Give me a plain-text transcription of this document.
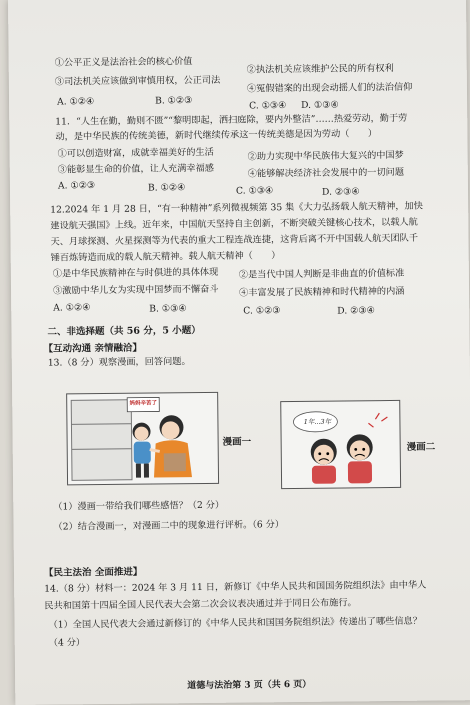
①公平正义是法治社会的核心价值
②执法机关应该维护公民的所有权利
③司法机关应该做到审慎用权，公正司法
④冤假错案的出现会动摇人们的法治信仰
A. ①②④	B. ①②③	C. ①③④ D. ①③④
11．“人生在勤，勤则不匮”“黎明即起，洒扫庭除，要内外整洁”……热爱劳动，勤于劳
动，是中华民族的传统美德，新时代继续传承这一传统美德是因为劳动（　　）
①可以创造财富，成就幸福美好的生活	②助力实现中华民族伟大复兴的中国梦
③能彰显生命的价值，让人充满幸福感	④能够解决经济社会发展中的一切问题
A. ①②③	B. ①②④	C. ①③④	D. ②③④
12.2024 年 1 月 28 日，“有一种精神”系列微视频第 35 集《大力弘扬载人航天精神，加快
建设航天强国》上线。近年来，中国航天坚持自主创新，不断突破关键核心技术，以载人航
天、月球探测、火星探测等为代表的重大工程连战连捷，这背后离不开中国载人航天团队千
锤百炼铸造而成的载人航天精神。载人航天精神（　　）
①是中华民族精神在与时俱进的具体体现 ②是当代中国人判断是非曲直的价值标准
③激励中华儿女为实现中国梦而不懈奋斗 ④丰富发展了民族精神和时代精神的内涵
A. ①②④	B. ①③④	C. ①②③	D. ②③④
二、非选择题（共 56 分，5 小题）
【互动沟通 亲情融洽】
13.（8 分）观察漫画，回答问题。
妈妈辛苦了
漫画一
1年...3年
漫画二
（1）漫画一带给我们哪些感悟？（2 分）
（2）结合漫画一，对漫画二中的现象进行评析。（6 分）
【民主法治 全面推进】
14.（8 分）材料一：2024 年 3 月 11 日，新修订《中华人民共和国国务院组织法》由中华人
民共和国第十四届全国人民代表大会第二次会议表决通过并于同日公布施行。
（1）全国人民代表大会通过新修订的《中华人民共和国国务院组织法》传递出了哪些信息？
（4 分）
道德与法治第 3 页（共 6 页）
